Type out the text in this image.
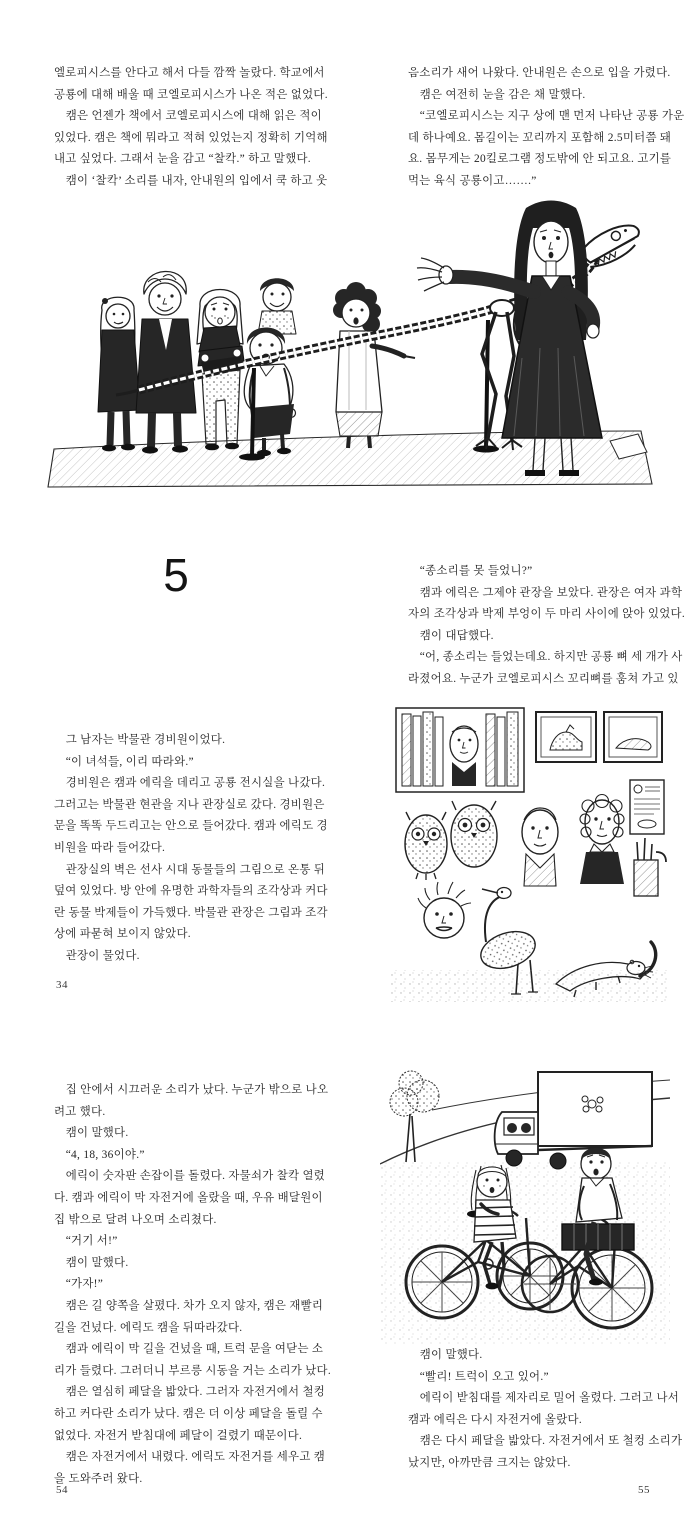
엘로피시스를 안다고 해서 다들 깜짝 놀랐다. 학교에서
공룡에 대해 배울 때 코엘로피시스가 나온 적은 없었다.
　캠은 언젠가 책에서 코엘로피시스에 대해 읽은 적이
있었다. 캠은 책에 뭐라고 적혀 있었는지 정확히 기억해
내고 싶었다. 그래서 눈을 감고 “찰칵.” 하고 말했다.
　캠이 ‘찰칵’ 소리를 내자, 안내원의 입에서 쿡 하고 웃
음소리가 새어 나왔다. 안내원은 손으로 입을 가렸다.
　캠은 여전히 눈을 감은 채 말했다.
　“코엘로피시스는 지구 상에 맨 먼저 나타난 공룡 가운
데 하나예요. 몸길이는 꼬리까지 포함해 2.5미터쯤 돼
요. 몸무게는 20킬로그램 정도밖에 안 되고요. 고기를
먹는 육식 공룡이고…….”
5
　그 남자는 박물관 경비원이었다.
　“이 녀석들, 이리 따라와.”
　경비원은 캠과 에릭을 데리고 공룡 전시실을 나갔다.
그러고는 박물관 현관을 지나 관장실로 갔다. 경비원은
문을 똑똑 두드리고는 안으로 들어갔다. 캠과 에릭도 경
비원을 따라 들어갔다.
　관장실의 벽은 선사 시대 동물들의 그림으로 온통 뒤
덮여 있었다. 방 안에 유명한 과학자들의 조각상과 커다
란 동물 박제들이 가득했다. 박물관 관장은 그림과 조각
상에 파묻혀 보이지 않았다.
　관장이 물었다.
34
　“종소리를 못 들었니?”
　캠과 에릭은 그제야 관장을 보았다. 관장은 여자 과학
자의 조각상과 박제 부엉이 두 마리 사이에 앉아 있었다.
　캠이 대답했다.
　“어, 종소리는 들었는데요. 하지만 공룡 뼈 세 개가 사
라졌어요. 누군가 코엘로피시스 꼬리뼈를 훔쳐 가고 있
　집 안에서 시끄러운 소리가 났다. 누군가 밖으로 나오
려고 했다.
　캠이 말했다.
　“4, 18, 36이야.”
　에릭이 숫자판 손잡이를 돌렸다. 자물쇠가 찰칵 열렸
다. 캠과 에릭이 막 자전거에 올랐을 때, 우유 배달원이
집 밖으로 달려 나오며 소리쳤다.
　“거기 서!”
　캠이 말했다.
　“가자!”
　캠은 길 양쪽을 살폈다. 차가 오지 않자, 캠은 재빨리
길을 건넜다. 에릭도 캠을 뒤따라갔다.
　캠과 에릭이 막 길을 건넜을 때, 트럭 문을 여닫는 소
리가 들렸다. 그러더니 부르릉 시동을 거는 소리가 났다.
　캠은 열심히 페달을 밟았다. 그러자 자전거에서 철컹
하고 커다란 소리가 났다. 캠은 더 이상 페달을 돌릴 수
없었다. 자전거 받침대에 페달이 걸렸기 때문이다.
　캠은 자전거에서 내렸다. 에릭도 자전거를 세우고 캠
을 도와주러 왔다.
54
　캠이 말했다.
　“빨리! 트럭이 오고 있어.”
　에릭이 받침대를 제자리로 밀어 올렸다. 그러고 나서
캠과 에릭은 다시 자전거에 올랐다.
　캠은 다시 페달을 밟았다. 자전거에서 또 철컹 소리가
났지만, 아까만큼 크지는 않았다.
55
